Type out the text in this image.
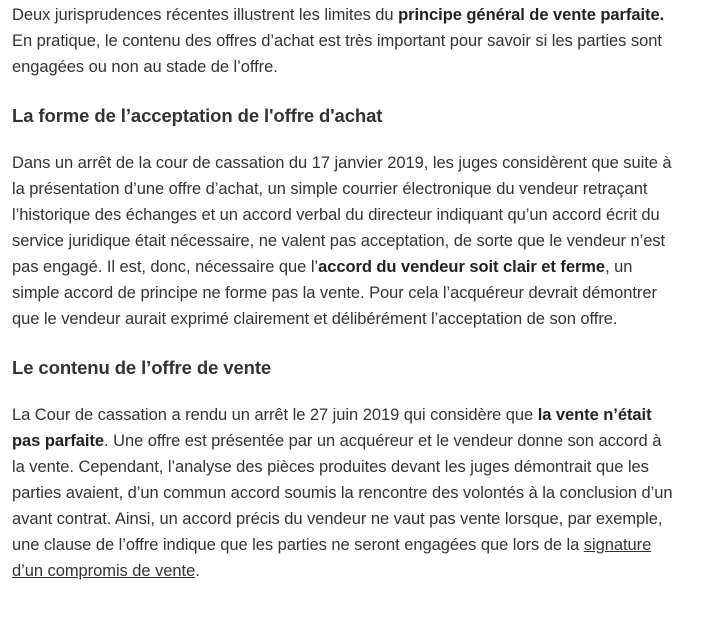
Deux jurisprudences récentes illustrent les limites du principe général de vente parfaite. En pratique, le contenu des offres d’achat est très important pour savoir si les parties sont engagées ou non au stade de l’offre.

La forme de l’acceptation de l'offre d'achat

Dans un arrêt de la cour de cassation du 17 janvier 2019, les juges considèrent que suite à la présentation d’une offre d’achat, un simple courrier électronique du vendeur retraçant l’historique des échanges et un accord verbal du directeur indiquant qu’un accord écrit du service juridique était nécessaire, ne valent pas acceptation, de sorte que le vendeur n’est pas engagé. Il est, donc, nécessaire que l’accord du vendeur soit clair et ferme, un simple accord de principe ne forme pas la vente. Pour cela l’acquéreur devrait démontrer que le vendeur aurait exprimé clairement et délibérément l’acceptation de son offre.

Le contenu de l’offre de vente

La Cour de cassation a rendu un arrêt le 27 juin 2019 qui considère que la vente n’était pas parfaite. Une offre est présentée par un acquéreur et le vendeur donne son accord à la vente. Cependant, l’analyse des pièces produites devant les juges démontrait que les parties avaient, d’un commun accord soumis la rencontre des volontés à la conclusion d’un avant contrat. Ainsi, un accord précis du vendeur ne vaut pas vente lorsque, par exemple, une clause de l’offre indique que les parties ne seront engagées que lors de la signature d’un compromis de vente.
